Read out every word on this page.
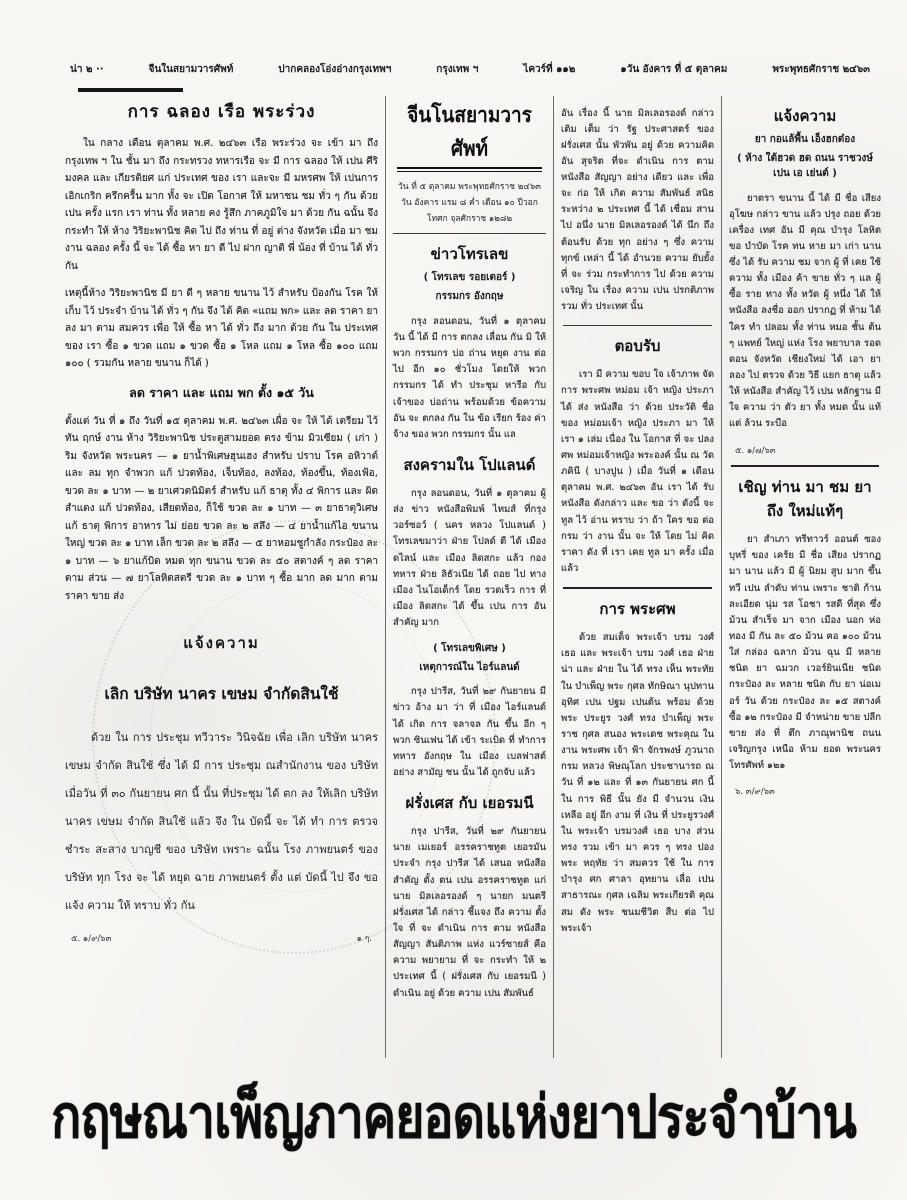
น่า ๒ ··	จีนในสยามวารศัพท์	ปากคลองโอ่งอ่างกรุงเทพฯ	กรุงเทพ ฯ	ไควร์ที่ ๑๑๒	๑วัน อังคาร ที่ ๕ ตุลาคม	พระพุทธศักราช ๒๔๖๓
การ ฉลอง เรือ พระร่วง

ใน กลาง เดือน ตุลาคม พ.ศ. ๒๔๖๓ เรือ พระร่วง จะ เข้า มา ถึง กรุงเทพ ฯ ใน ชั้น มา ถึง กระทรวง ทหารเรือ จะ มี การ ฉลอง ให้ เปน ศีริมงคล และ เกียรติยศ แก่ ประเทศ ของ เรา และจะ มี มหรศพ ให้ เปนการ เอิกเกริก ครึกครื้น มาก ทั้ง จะ เปิด โอกาศ ให้ มหาชน ชม ทั่ว ๆ กัน ด้วย เปน ครั้ง แรก เรา ท่าน ทั้ง หลาย คง รู้สึก ภาคภูมิใจ มา ด้วย กัน ฉนั้น จึง กระทำ ให้ ห้าง วิริยะพานิช คิด ไป ถึง ท่าน ที่ อยู่ ต่าง จังหวัด เมื่อ มา ชม งาน ฉลอง ครั้ง นี้ จะ ได้ ซื้อ หา ยา ดี ไป ฝาก ญาติ พี่ น้อง ที่ บ้าน ได้ ทั่ว กัน

เหตุนี้ห้าง วิริยะพานิช มี ยา ดี ๆ หลาย ขนาน ไว้ สำหรับ ป้องกัน โรค ให้ เก็บ ไว้ ประจำ บ้าน ได้ ทั่ว ๆ กัน จึง ได้ คิด «แถม พก» และ ลด ราคา ยา ลง มา ตาม สมควร เพื่อ ให้ ซื้อ หา ได้ ทั่ว ถึง มาก ด้วย กัน ใน ประเทศ ของ เรา ซื้อ ๑ ขวด แถม ๑ ขวด ซื้อ ๑ โหล แถม ๑ โหล ซื้อ ๑๐๐ แถม ๑๐๐ ( รวมกัน หลาย ขนาน ก็ได้ )

ลด ราคา และ แถม พก ตั้ง ๑๕ วัน

ตั้งแต่ วัน ที่ ๑ ถึง วันที่ ๑๕ ตุลาคม พ.ศ. ๒๔๖๓ เผื่อ จะ ให้ ได้ เตรียม ไว้ ทัน ฤกษ์ งาน ห้าง วิริยะพานิช ประตูสามยอด ตรง ข้าม มิวเซียม ( เก่า ) ริม จังหวัด พระนคร — ๑ ยาน้ำพิเศษฮุนเฮง สำหรับ ปราบ โรค อหิวาต์ และ ลม ทุก จำพวก แก้ ปวดท้อง, เจ็บท้อง, ลงท้อง, ท้องขึ้น, ท้องเฟ้อ, ขวด ละ ๑ บาท — ๒ ยาเศวตนิมิตร์ สำหรับ แก้ ธาตุ ทั้ง ๔ พิการ และ ผิด สำแดง แก้ ปวดท้อง, เสียดท้อง, ก็ใช้ ขวด ละ ๑ บาท — ๓ ยาธาตุวิเศษ แก้ ธาตุ พิการ อาหาร ไม่ ย่อย ขวด ละ ๒ สลึง — ๔ ยาน้ำแก้ไอ ขนาน ใหญ่ ขวด ละ ๑ บาท เล็ก ขวด ละ ๒ สลึง — ๕ ยาหอมชูกำลัง กระป๋อง ละ ๑ บาท — ๖ ยาแก้บิด หมด ทุก ขนาน ขวด ละ ๕๐ สตางค์ ๆ ลด ราคา ตาม ส่วน — ๗ ยาโลหิตสตรี ขวด ละ ๑ บาท ๆ ซื้อ มาก ลด มาก ตาม ราคา ขาย ส่ง

แจ้งความ
เลิก บริษัท นาคร เขษม จำกัดสินใช้

ด้วย ใน การ ประชุม ทวีวาระ วินิจฉัย เพื่อ เลิก บริษัท นาคร เขษม จำกัด สินใช้ ซึ่ง ได้ มี การ ประชุม ณสำนักงาน ของ บริษัท เมื่อวัน ที่ ๓๐ กันยายน ศก นี้ นั้น ที่ประชุม ได้ ตก ลง ให้เลิก บริษัท นาคร เขษม จำกัด สินใช้ แล้ว จึง ใน บัดนี้ จะ ได้ ทำ การ ตรวจ ชำระ สะสาง บาญชี ของ บริษัท เพราะ ฉนั้น โรง ภาพยนตร์ ของ บริษัท ทุก โรง จะ ได้ หยุด ฉาย ภาพยนตร์ ตั้ง แต่ บัดนี้ ไป จึง ขอ แจ้ง ความ ให้ ทราบ ทั่ว กัน

๕. ๑/๙/๖๓	๑ ๆ.
จีนโนสยามวารศัพท์
วัน ที่ ๕ ตุลาคม พระพุทธศักราช ๒๔๖๓
วัน อังคาร แรม ๘ ค่ำ เดือน ๑๐ ปีวอก
โทศก จุลศักราช ๑๒๘๒
ข่าวโทรเลข
( โทรเลข รอยเตอร์ )
กรรมกร อังกฤษ

กรุง ลอนดอน, วันที่ ๑ ตุลาคม วัน นี้ ได้ มี การ ตกลง เลื่อน กัน มิ ให้ พวก กรรมกร บ่อ ถ่าน หยุด งาน ต่อ ไป อีก ๑๐ ชั่วโมง โดยให้ พวก กรรมกร ได้ ทำ ประชุม หารือ กับ เจ้าของ บ่อถ่าน พร้อมด้วย ข้อความ อัน จะ ตกลง กัน ใน ข้อ เรียก ร้อง ค่า จ้าง ของ พวก กรรมกร นั้น แล

สงครามใน โปแลนด์

กรุง ลอนดอน, วันที่ ๑ ตุลาคม ผู้ ส่ง ข่าว หนังสือพิมพ์ ไทมส์ ที่กรุงวอร์ซอว์ ( นคร หลวง โปแลนด์ ) โทรเลขมาว่า ฝ่าย โปลด์ ตี ได้ เมือง ดไลน์ และ เมือง ลิดสกะ แล้ว กองทหาร ฝ่าย ลิธัวเนีย ได้ ถอย ไป ทาง เมือง ไนโอเด็กร์ โดย รวดเร็ว การ ที่ เมือง ลิดสกะ ได้ ขึ้น เปน การ อัน สำคัญ มาก

( โทรเลขพิเศษ )
เหตุการณ์ใน ไอร์แลนด์

กรุง ปารีส, วันที่ ๒๙ กันยายน มี ข่าว อ้าง มา ว่า ที่ เมือง ไอร์แลนด์ ได้ เกิด การ จลาจล กัน ขึ้น อีก ๆ พวก ซินเฟน ได้ เข้า ระเบิด ที่ ทำการ ทหาร อังกฤษ ใน เมือง เบลฟาสต์ อย่าง สามัญ ชน นั้น ได้ ถูกจับ แล้ว

ฝรั่งเศส กับ เยอรมนี

กรุง ปารีส, วันที่ ๒๙ กันยายน นาย เมเยอร์ อรรคราชทูต เยอรมัน ประจำ กรุง ปารีส ได้ เสนอ หนังสือ สำคัญ ตั้ง ตน เปน อรรคราชทูต แก่ นาย มิลเลอรองด์ ๆ นายก มนตรี ฝรั่งเศส ได้ กล่าว ชี้แจง ถึง ความ ตั้ง ใจ ที่ จะ ดำเนิน การ ตาม หนังสือ สัญญา สันติภาพ แห่ง แวร์ซายส์ คือ ความ พยายาม ที่ จะ กระทำ ให้ ๒ ประเทศ นี้ ( ฝรั่งเศส กับ เยอรมนี ) ดำเนิน อยู่ ด้วย ความ เปน สัมพันธ์

อัน เรื่อง นี้ นาย มิลเลอรองด์ กล่าว เติม เต็ม ว่า รัฐ ประศาสตร์ ของ ฝรั่งเศส นั้น พัวพัน อยู่ ด้วย ความคิด อัน สุจริต ที่จะ ดำเนิน การ ตาม หนังสือ สัญญา อย่าง เดียว และ เพื่อ จะ ก่อ ให้ เกิด ความ สัมพันธ์ สนิธ ระหว่าง ๒ ประเทศ นี้ ได้ เชื่อม สาน ไป อนึ่ง นาย มิลเลอรองด์ ได้ นึก ถึง ต้อนรับ ด้วย ทุก อย่าง ๆ ซึ่ง ความ ทุกข์ เหล่า นี้ ได้ อำนวย ความ ยับยั้ง ที่ จะ ร่วม กระทำการ ไป ด้วย ความ เจริญ ใน เรื่อง ความ เปน ปรกติภาพ รวม ทั่ว ประเทศ นั้น

ตอบรับ

เรา มี ความ ขอบ ใจ เจ้าภาพ จัด การ พระศพ หม่อม เจ้า หญิง ประภา ได้ ส่ง หนังสือ ว่า ด้วย ประวัติ ชื่อ ของ หม่อมเจ้า หญิง ประภา มา ให้ เรา ๑ เล่ม เนื่อง ใน โอกาส ที่ จะ ปลง ศพ หม่อมเจ้าหญิง พระองค์ นั้น ณ วัด ภคินี ( บางปูน ) เมื่อ วันที่ ๑ เดือน ตุลาคม พ.ศ. ๒๔๖๓ อัน เรา ได้ รับ หนังสือ ดังกล่าว และ ขอ ว่า ดังนี้ จะ ทูล ไว้ อ่าน ทราบ ว่า ถ้า ใคร ขอ ต่อ กรม ว่า งาน นั้น จะ ให้ โดย ไม่ คิด ราคา ดัง ที่ เรา เคย ทูล มา ครั้ง เมื่อ แล้ว

การ พระศพ

ด้วย สมเด็จ พระเจ้า บรม วงศ์ เธอ และ พระเจ้า บรม วงศ์ เธอ ฝ่าย น่า และ ฝ่าย ใน ได้ ทรง เห็น พระทัย ใน บำเพ็ญ พระ กุศล ทักษิณา นุปทาน อุทิศ เปน ปฐม เปนต้น พร้อม ด้วย พระ ประยูร วงศ์ ทรง บำเพ็ญ พระ ราช กุศล สนอง พระเดช พระคุณ ใน งาน พระศพ เจ้า ฟ้า จักรพงษ์ ภูวนาถ กรม หลวง พิษณุโลก ประชานารถ ณ วัน ที่ ๑๒ และ ที่ ๑๓ กันยายน ศก นี้ ใน การ พิธี นั้น ยัง มี จำนวน เงิน เหลือ อยู่ อีก งาม ที่ เงิน ที่ ประยูรวงศ์ ใน พระเจ้า บรมวงศ์ เธอ บาง ส่วน ทรง รวม เข้า มา ควร ๆ ทรง ปอง พระ หฤทัย ว่า สมควร ใช้ ใน การ บำรุง ศก ศาลา อุทยาน เลื่อ เปน สาธารณะ กุศล เฉลิม พระเกียรติ คุณสม ดัง พระ ชนมชีวิต สืบ ต่อ ไป พระเจ้า

แจ้งความ
ยา กอแล้พื้น เอ็งฮกต๋อง
( ห้าง ใต้ฮวด ฮด ถนน ราชวงษ์ เปน เอ เย่นต์ )

ยาตรา ขนาน นี้ ได้ มี ชื่อ เสียง อุโฆษ กล่าว ขาน แล้ว ปรุง ถอย ด้วย เครื่อง เทศ อัน มี คุณ บำรุง โลหิต ขอ บำบัด โรค ทน หาย มา เก่า นาน ซึ่ง ได้ รับ ความ ชม จาก ผู้ ที่ เคย ใช้ ความ ทั้ง เมือง ค้า ขาย ทั่ว ๆ แล ผู้ ซื้อ ราย ทาง ทั้ง หวัด ผู้ หนึ่ง ได้ ให้ หนังสือ ลงชื่อ ออก ปรากฏ ที่ ห้าม ได้ ใคร ทำ ปลอม ทั้ง ท่าน หมอ ชั้น ต้น ๆ แพทย์ ใหญ่ แห่ง โรง พยาบาล รอด ดอน จังหวัด เชียงใหม่ ได้ เอา ยา ลอง ไป ตรวจ ด้วย วิธี แยก ธาตุ แล้ว ให้ หนังสือ สำคัญ ไว้ เปน หลักฐาน มี ใจ ความ ว่า ตัว ยา ทั้ง หมด นั้น แท้ แต่ ล้วน ระบือ

๕. ๑/๗/๖๓
เชิญ ท่าน มา ชม ยา ถึง ใหม่แท้ๆ

ยา สำเภา ทรีทาวร์ ออนต์ ซองบุหรี่ ของ เคร้ย มี ชื่อ เสียง ปรากฏ มา นาน แล้ว มี ผู้ นิยม สูบ มาก ขึ้น ทวี เปน ลำดับ ท่าน เพราะ ชาติ ก้าน ละเอียด นุ่ม รส โอชา รสดี ที่สุด ซึ่ง ม้วน สำเร็จ มา จาก เมือง นอก ห่อ ทอง มี กัน ละ ๕๐ ม้วน ฅอ ๑๐๐ ม้วน ใส่ กล่อง ฉลาก ม้วน ฉุน มี หลาย ชนิด ยา ฉมวก เวอร์ยินเนีย ชนิด กระป๋อง ละ หลาย ชนิด กับ ยา น่อเมอร์ วัน ด้วย กระป๋อง ละ ๑๕ สตางค์ ซื้อ ๑๒ กระป๋อง มี จำหน่าย ขาย ปลีก ขาย ส่ง ที่ ตึก ภาณุพานิช ถนน เจริญกรุง เหนือ ห้าม ยอด พระนคร โทรศัพท์ ๑๒๑

๖. ๓/๙/๖๓
กฤษณาเพ็ญภาคยอดแห่งยาประจำบ้าน
